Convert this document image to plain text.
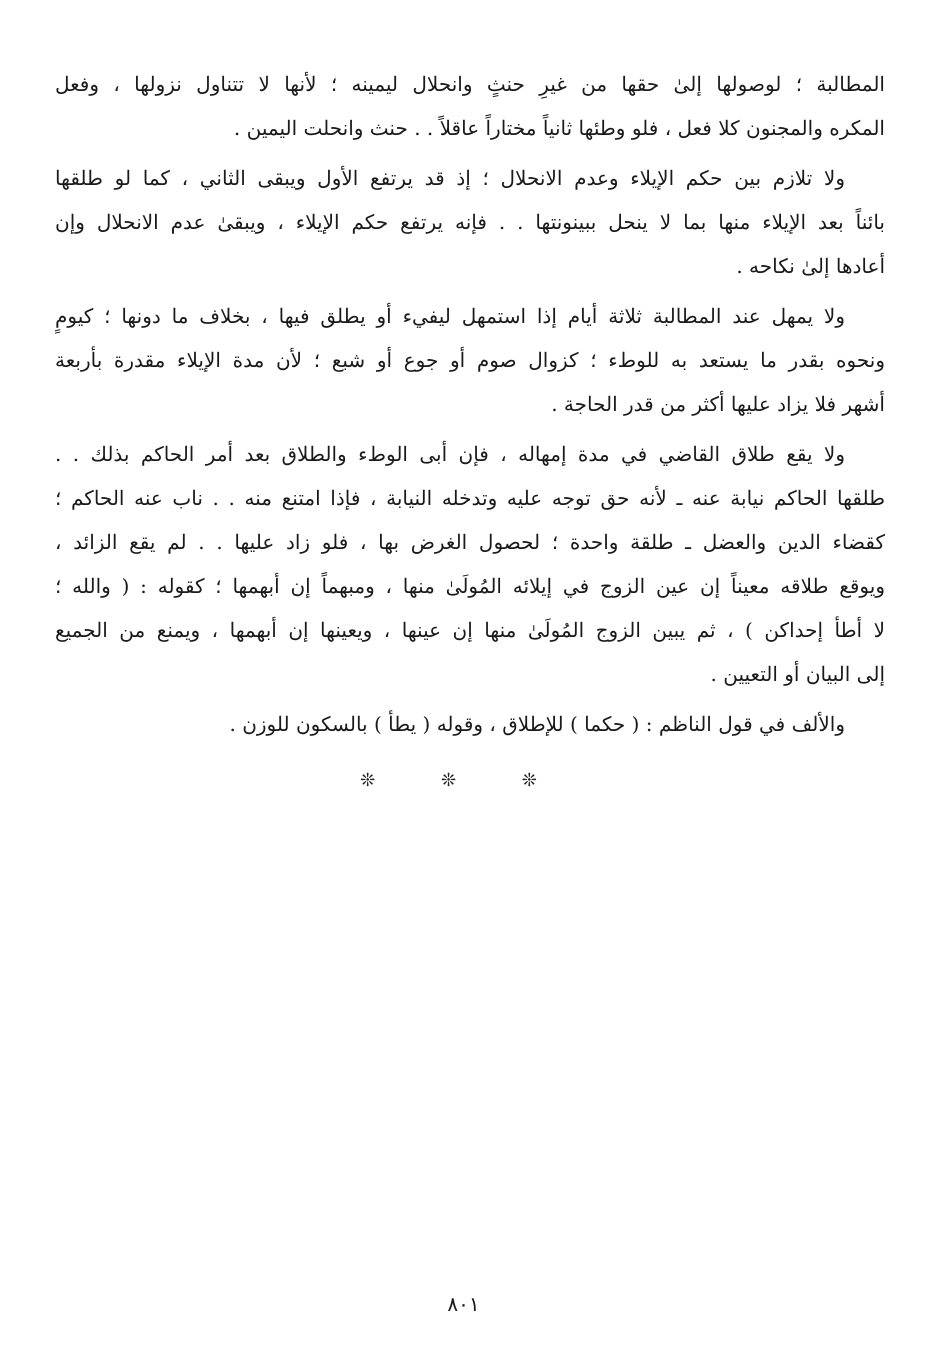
المطالبة ؛ لوصولها إلىٰ حقها من غيرِ حنثٍ وانحلال ليمينه ؛ لأنها لا تتناول نزولها ، وفعل
المكره والمجنون كلا فعل ، فلو وطئها ثانياً مختاراً عاقلاً . . حنث وانحلت اليمين .
ولا تلازم بين حكم الإيلاء وعدم الانحلال ؛ إذ قد يرتفع الأول ويبقى الثاني ، كما لو طلقها
بائناً بعد الإيلاء منها بما لا ينحل ببينونتها . . فإنه يرتفع حكم الإيلاء ، ويبقىٰ عدم الانحلال وإن
أعادها إلىٰ نكاحه .
ولا يمهل عند المطالبة ثلاثة أيام إذا استمهل ليفيء أو يطلق فيها ، بخلاف ما دونها ؛ كيومٍ
ونحوه بقدر ما يستعد به للوطء ؛ كزوال صوم أو جوع أو شبع ؛ لأن مدة الإيلاء مقدرة بأربعة
أشهر فلا يزاد عليها أكثر من قدر الحاجة .
ولا يقع طلاق القاضي في مدة إمهاله ، فإن أبى الوطء والطلاق بعد أمر الحاكم بذلك . .
طلقها الحاكم نيابة عنه ـ لأنه حق توجه عليه وتدخله النيابة ، فإذا امتنع منه . . ناب عنه الحاكم ؛
كقضاء الدين والعضل ـ طلقة واحدة ؛ لحصول الغرض بها ، فلو زاد عليها . . لم يقع الزائد ،
ويوقع طلاقه معيناً إن عين الزوج في إيلائه المُولَىٰ منها ، ومبهماً إن أبهمها ؛ كقوله : ( والله ؛
لا أطأ إحداكن ) ، ثم يبين الزوج المُولَىٰ منها إن عينها ، ويعينها إن أبهمها ، ويمنع من الجميع
إلى البيان أو التعيين .
والألف في قول الناظم : ( حكما ) للإطلاق ، وقوله ( يطأ ) بالسكون للوزن .
❊ ❊ ❊
٨٠١
